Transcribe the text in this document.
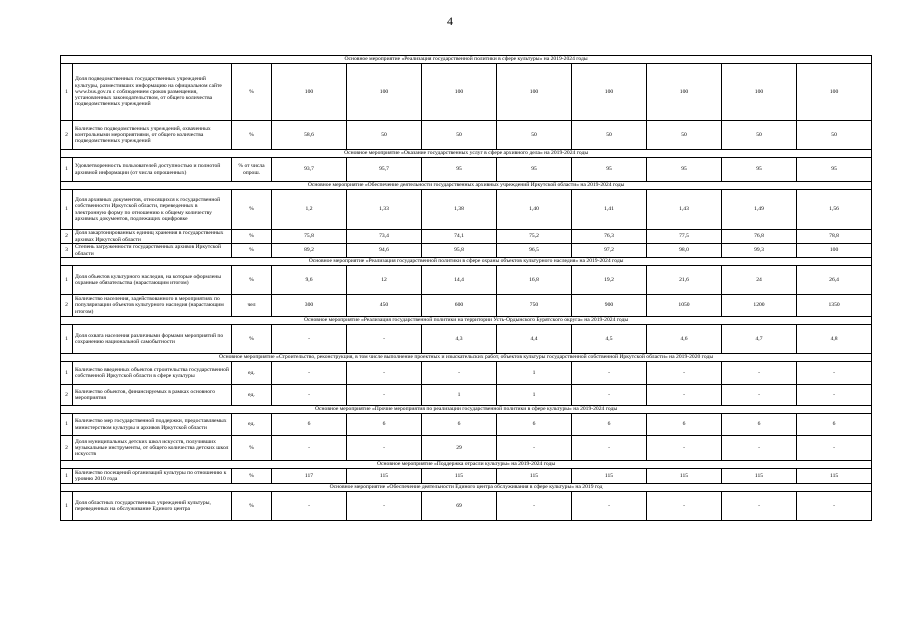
4
Основное мероприятие «Реализация государственной политики в сфере культуры» на 2019-2024 годы										
1	Доля подведомственных государственных учреждений культуры, разместивших информацию на официальном сайте www.bus.gov.ru с соблюдением сроков размещения, установленных законодательством, от общего количества подведомственных учреждений	%	100	100	100	100	100	100	100	100
2	Количество подведомственных учреждений, охваченных контрольными мероприятиями, от общего количества подведомственных учреждений	%	58,6	50	50	50	50	50	50	50
Основное мероприятие «Оказание государственных услуг в сфере архивного дела» на 2019-2024 годы										
1	Удовлетворенность пользователей доступностью и полнотой архивной информации (от числа опрошенных)	% от числа опрош.	93,7	95,7	95	95	95	95	95	95
Основное мероприятие «Обеспечение деятельности государственных архивных учреждений Иркутской области» на 2019-2024 годы										
1	Доля архивных документов, относящихся к государственной собственности Иркутской области, переведенных в электронную форму по отношению к общему количеству архивных документов, подлежащих оцифровке	%	1,2	1,33	1,38	1,40	1,41	1,43	1,49	1,56
2	Доля закартонированных единиц хранения в государственных архивах Иркутской области	%	75,8	73,4	74,1	75,2	76,3	77,5	76,8	78,8
3	Степень загруженности государственных архивов Иркутской области	%	89,2	94,6	95,8	96,5	97,2	98,0	99,3	100
Основное мероприятие «Реализация государственной политики в сфере охраны объектов культурного наследия» на 2019-2024 годы										
1	Доля объектов культурного наследия, на которые оформлены охранные обязательства (нарастающим итогом)	%	9,6	12	14,4	16,8	19,2	21,6	24	26,4
2	Количество населения, задействованного в мероприятиях по популяризации объектов культурного наследия (нарастающим итогом)	чел	300	450	600	750	900	1050	1200	1350
Основное мероприятие «Реализация государственной политики на территории Усть-Ордынского Бурятского округа» на 2019-2024 годы										
1	Доля охвата населения различными формами мероприятий по сохранению национальной самобытности	%	-	-	4,3	4,4	4,5	4,6	4,7	4,8
Основное мероприятие «Строительство, реконструкция, в том числе выполнение проектных и изыскательских работ, объектов культуры государственной собственной Иркутской области» на 2019-2020 годы										
1	Количество введенных объектов строительства государственной собственной Иркутской области в сфере культуры	ед.	-	-	-	1	-	-	-	-
2	Количество объектов, финансируемых в рамках основного мероприятия	ед.	-	-	1	1	-	-	-	-
Основное мероприятие «Прочие мероприятия по реализации государственной политики в сфере культуры» на 2019-2024 годы										
1	Количество мер государственной поддержки, предоставляемых министерством культуры и архивов Иркутской области	ед.	6	6	6	6	6	6	6	6
2	Доля муниципальных детских школ искусств, получивших музыкальные инструменты, от общего количества детских школ искусств	%	-	-	29	-	-	-	-	-
Основное мероприятие «Поддержка отрасли культуры» на 2019-2024 годы										
1	Количество посещений организаций культуры по отношению к уровню 2010 года	%	117	115	115	115	115	115	115	115
Основное мероприятие «Обеспечение деятельности Единого центра обслуживания в сфере культуры» на 2019 год										
1	Доля областных государственных учреждений культуры, переведенных на обслуживание Единого центра	%	-	-	69	-	-	-	-	-
